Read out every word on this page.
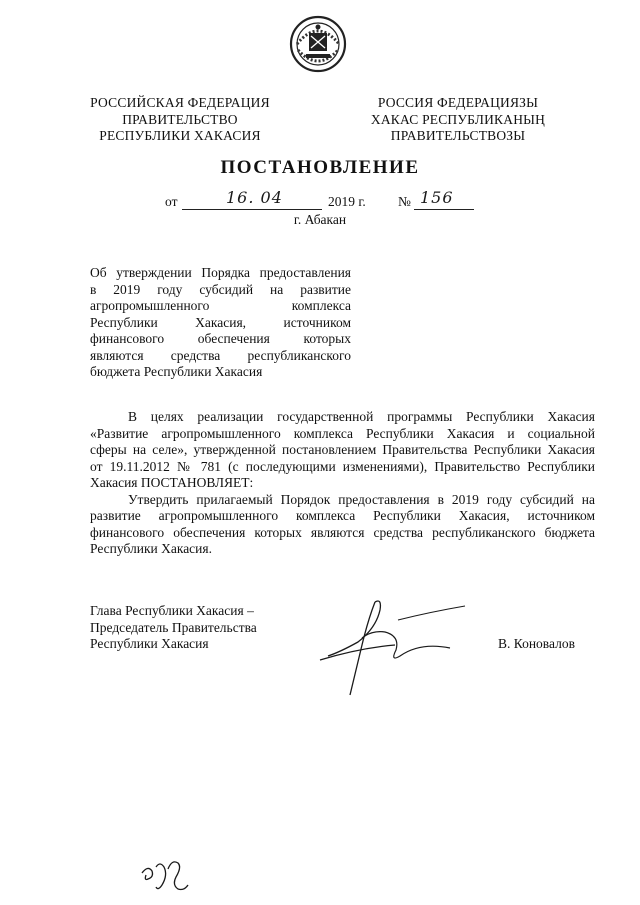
РОССИЙСКАЯ ФЕДЕРАЦИЯ
ПРАВИТЕЛЬСТВО
РЕСПУБЛИКИ ХАКАСИЯ
РОССИЯ ФЕДЕРАЦИЯЗЫ
ХАКАС РЕСПУБЛИКАНЫҢ
ПРАВИТЕЛЬСТВОЗЫ
ПОСТАНОВЛЕНИЕ
от	16. 04	2019 г. № 156
г. Абакан
Об утверждении Порядка предоставления
в 2019 году субсидий на развитие
агропромышленного комплекса
Республики Хакасия, источником
финансового обеспечения которых
являются средства республиканского
бюджета Республики Хакасия
В целях реализации государственной программы Республики Хакасия
«Развитие агропромышленного комплекса Республики Хакасия и социальной
сферы на селе», утвержденной постановлением Правительства Республики Хакасия
от 19.11.2012 № 781 (с последующими изменениями), Правительство Республики
Хакасия ПОСТАНОВЛЯЕТ:
Утвердить прилагаемый Порядок предоставления в 2019 году субсидий на
развитие агропромышленного комплекса Республики Хакасия, источником
финансового обеспечения которых являются средства республиканского бюджета
Республики Хакасия.
Глава Республики Хакасия –
Председатель Правительства
Республики Хакасия	В. Коновалов
